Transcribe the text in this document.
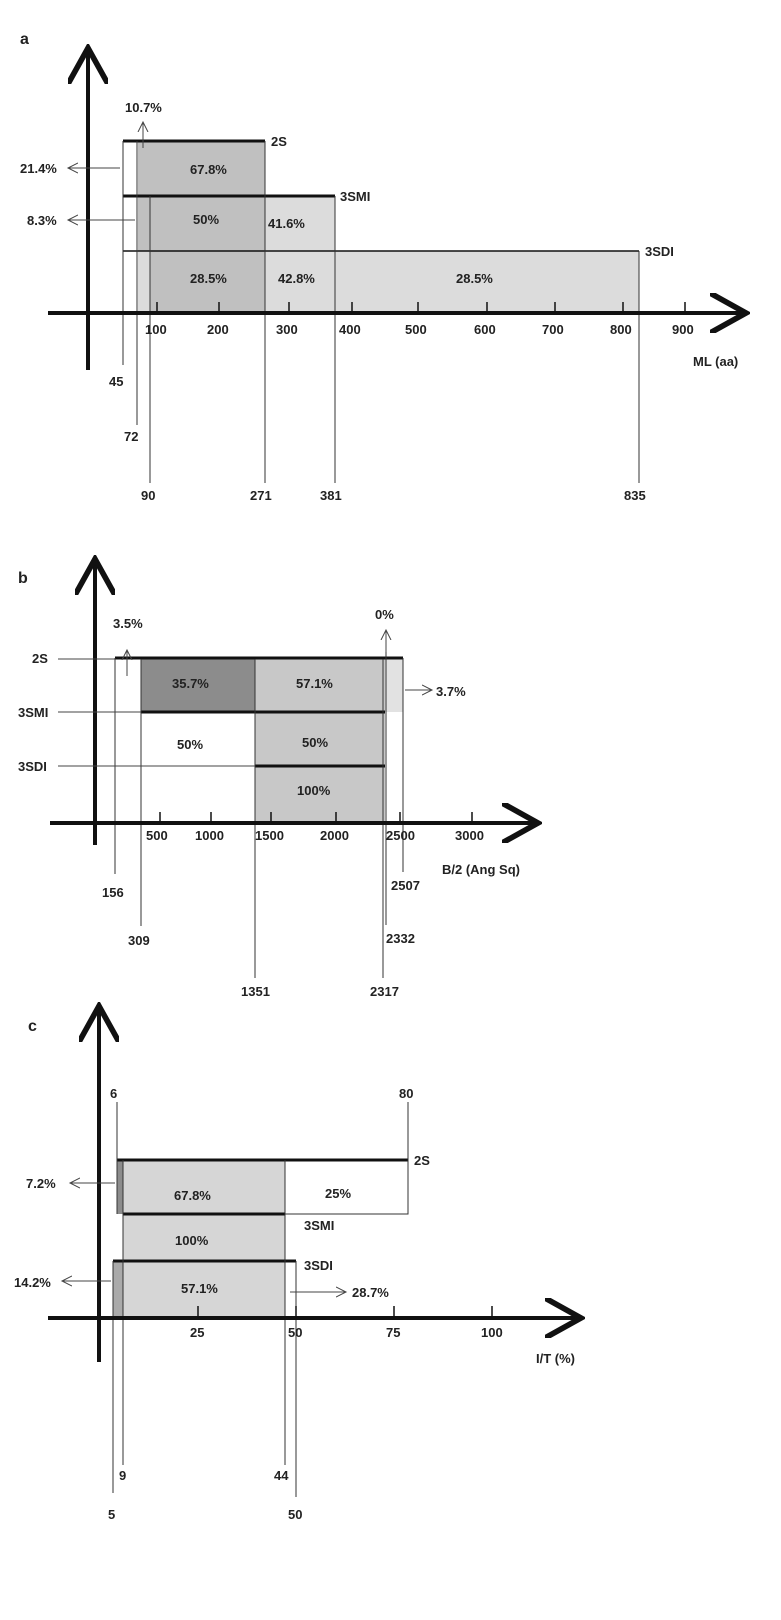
a
100	200	300	400	500	600	700	800	900
ML (aa)
2S
3SMI
3SDI
67.8%
50%	41.6%
28.5%	42.8%	28.5%
10.7%
21.4%
8.3%
45
72
90	271	381	835
b
500 1000 1500	2000	2500	3000
B/2 (Ang Sq)
2S
3SMI
3SDI
35.7%	57.1%
50%	50%
100%
3.5%
0%
3.7%
156
309
1351	2317
2332
2507
c
25	50	75	100
I/T (%)
2S
3SMI
3SDI
67.8%	25%
100%
57.1%
7.2%
14.2%
28.7%
6	80
9	44
5	50
